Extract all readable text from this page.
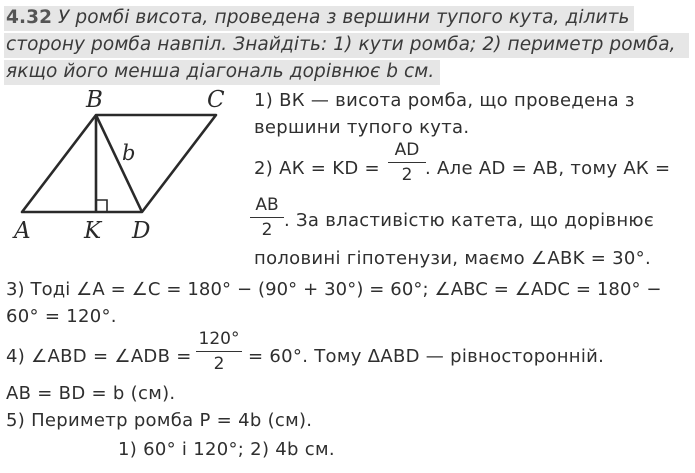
4.32 У ромбі висота, проведена з вершини тупого кута, ділить
сторону ромба навпіл. Знайдіть: 1) кути ромба; 2) периметр ромба,
якщо його менша діагональ дорівнює b см.
B	C
A K D
b
1) ВК — висота ромба, що проведена з
вершини тупого кута.
2) АК = KD =
AD
2 . Але AD = AB, тому АК =
AB
2 . За властивістю катета, що дорівнює
половині гіпотенузи, маємо ∠ABK = 30°.
3) Тоді ∠A = ∠C = 180° − (90° + 30°) = 60°; ∠ABC = ∠ADC = 180° −
60° = 120°.
4) ∠ABD = ∠ADB =
120°
2	= 60°. Тому ΔABD — рівносторонній.
AB = BD = b (см).
5) Периметр ромба P = 4b (см).
1) 60° і 120°; 2) 4b см.
